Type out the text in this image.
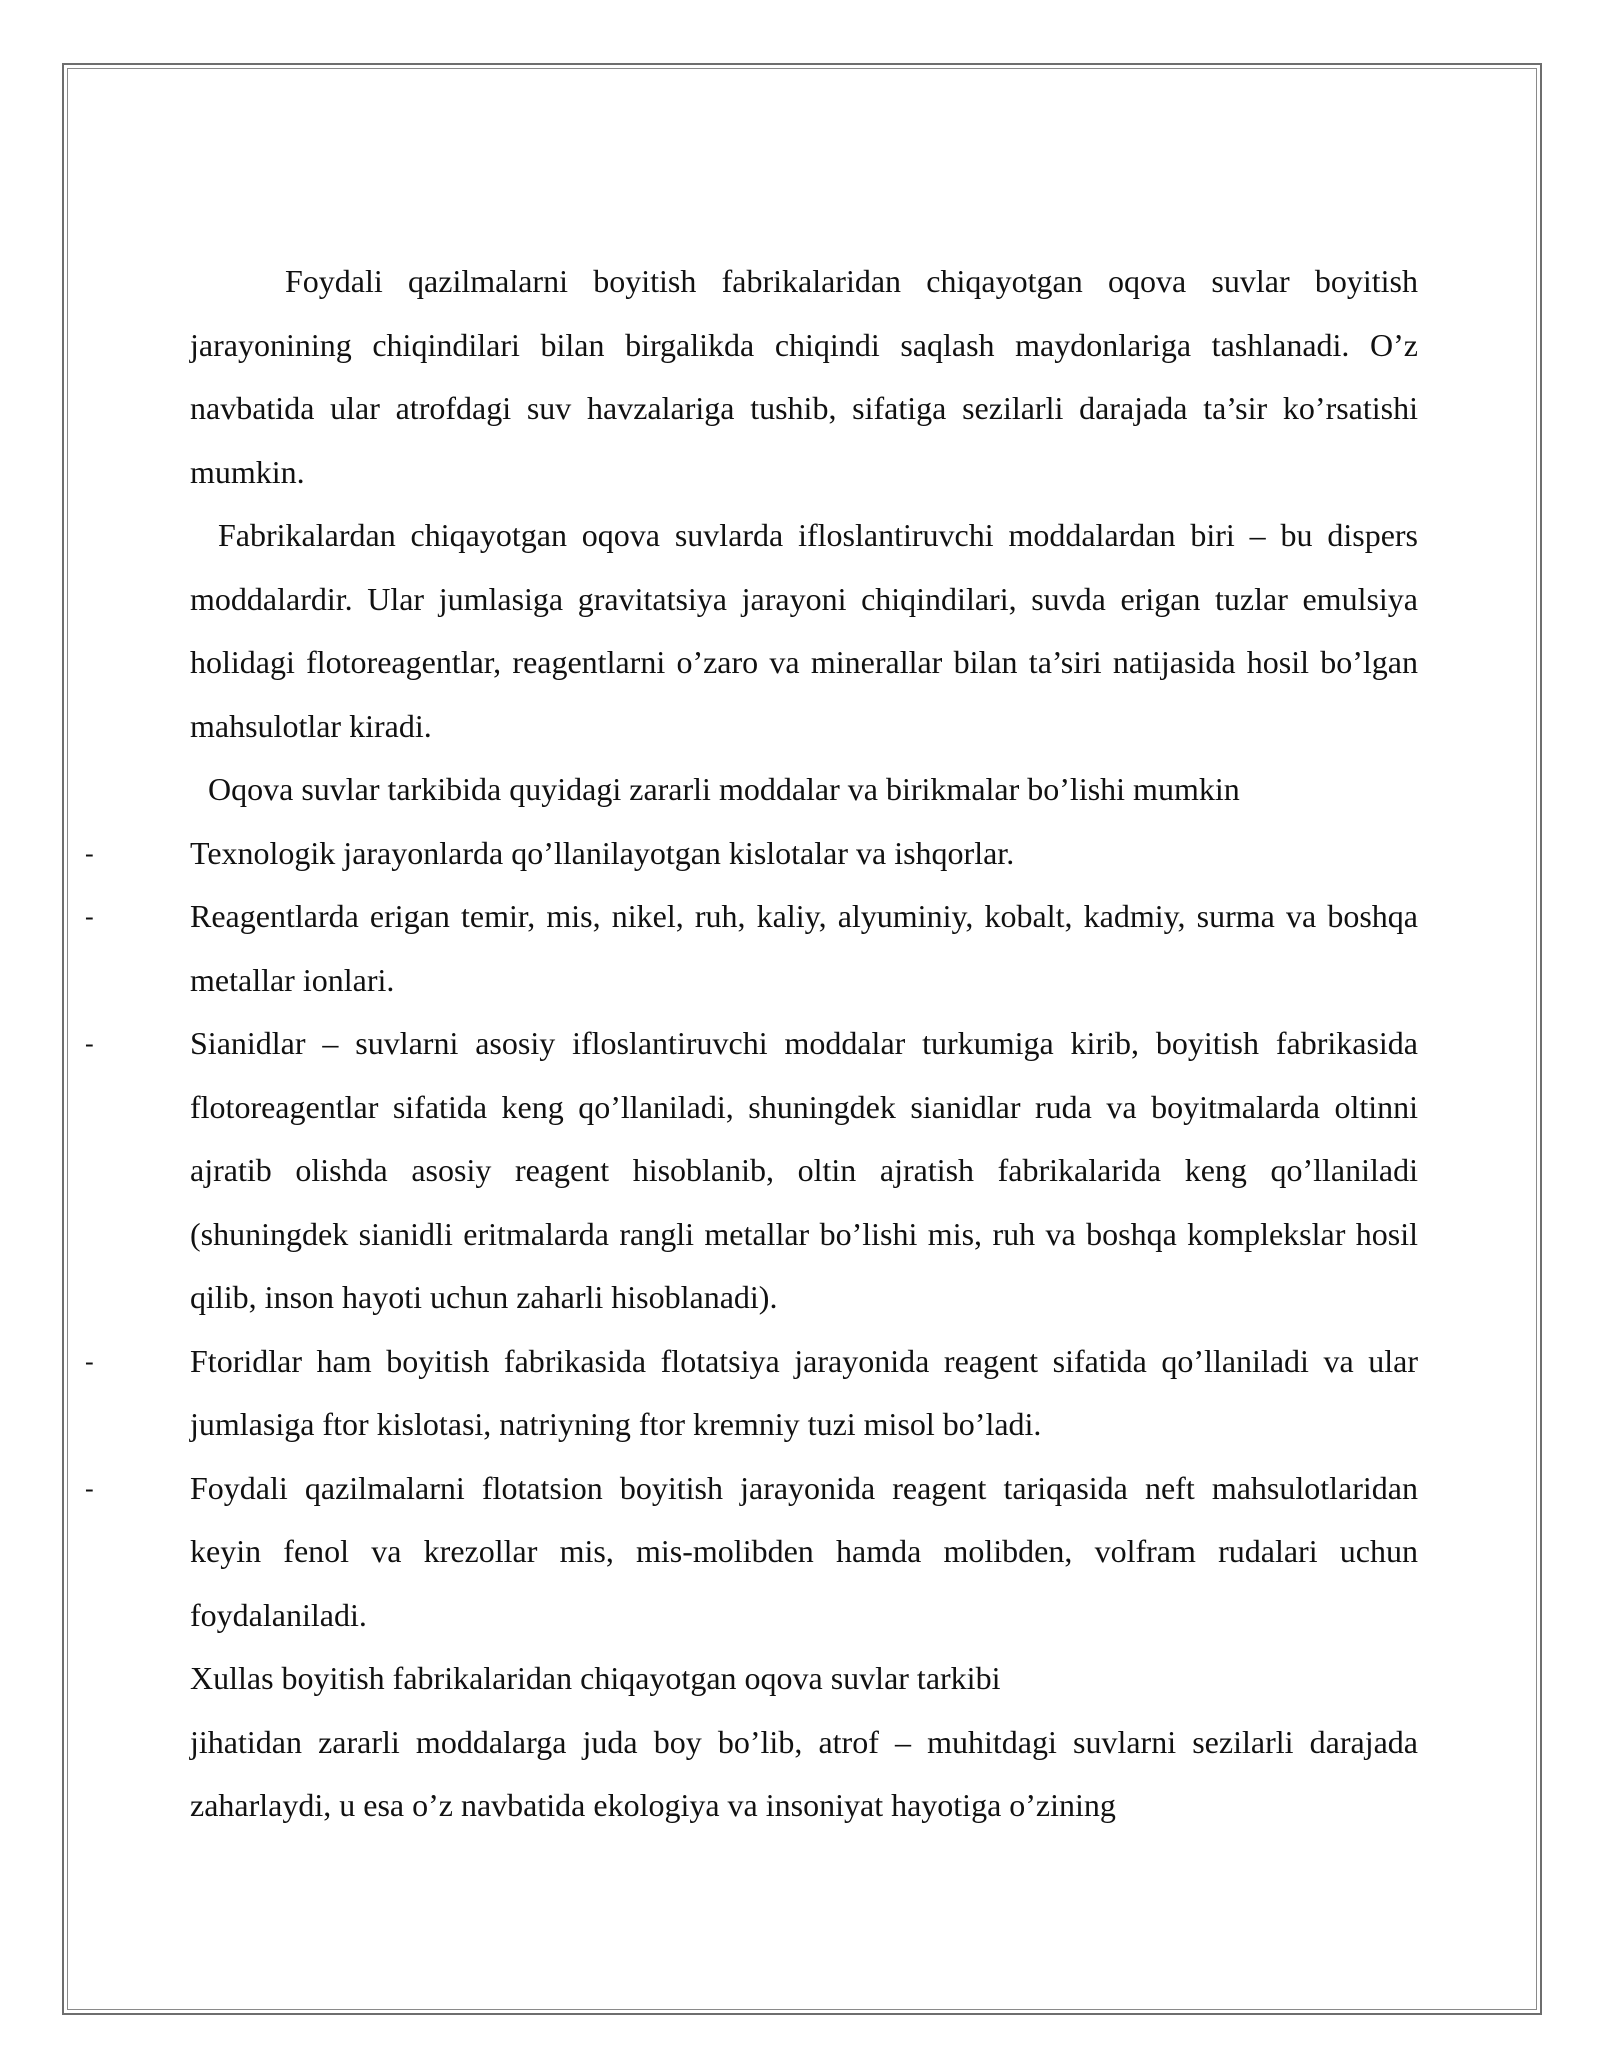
Foydali qazilmalarni boyitish fabrikalaridan chiqayotgan oqova suvlar boyitish jarayonining chiqindilari bilan birgalikda chiqindi saqlash maydonlariga tashlanadi. O’z navbatida ular atrofdagi suv havzalariga tushib, sifatiga sezilarli darajada ta’sir ko’rsatishi mumkin.

Fabrikalardan chiqayotgan oqova suvlarda ifloslantiruvchi moddalardan biri – bu dispers moddalardir. Ular jumlasiga gravitatsiya jarayoni chiqindilari, suvda erigan tuzlar emulsiya holidagi flotoreagentlar, reagentlarni o’zaro va minerallar bilan ta’siri natijasida hosil bo’lgan mahsulotlar kiradi.

Oqova suvlar tarkibida quyidagi zararli moddalar va birikmalar bo’lishi mumkin

-	Texnologik jarayonlarda qo’llanilayotgan kislotalar va ishqorlar.
-	Reagentlarda erigan temir, mis, nikel, ruh, kaliy, alyuminiy, kobalt, kadmiy, surma va boshqa metallar ionlari.
-	Sianidlar – suvlarni asosiy ifloslantiruvchi moddalar turkumiga kirib, boyitish fabrikasida flotoreagentlar sifatida keng qo’llaniladi, shuningdek sianidlar ruda va boyitmalarda oltinni ajratib olishda asosiy reagent hisoblanib, oltin ajratish fabrikalarida keng qo’llaniladi (shuningdek sianidli eritmalarda rangli metallar bo’lishi mis, ruh va boshqa komplekslar hosil qilib, inson hayoti uchun zaharli hisoblanadi).
-	Ftoridlar ham boyitish fabrikasida flotatsiya jarayonida reagent sifatida qo’llaniladi va ular jumlasiga ftor kislotasi, natriyning ftor kremniy tuzi misol bo’ladi.
-	Foydali qazilmalarni flotatsion boyitish jarayonida reagent tariqasida neft mahsulotlaridan keyin fenol va krezollar mis, mis-molibden hamda molibden, volfram rudalari uchun foydalaniladi.

Xullas boyitish fabrikalaridan chiqayotgan oqova suvlar tarkibi

jihatidan zararli moddalarga juda boy bo’lib, atrof – muhitdagi suvlarni sezilarli darajada zaharlaydi, u esa o’z navbatida ekologiya va insoniyat hayotiga o’zining
